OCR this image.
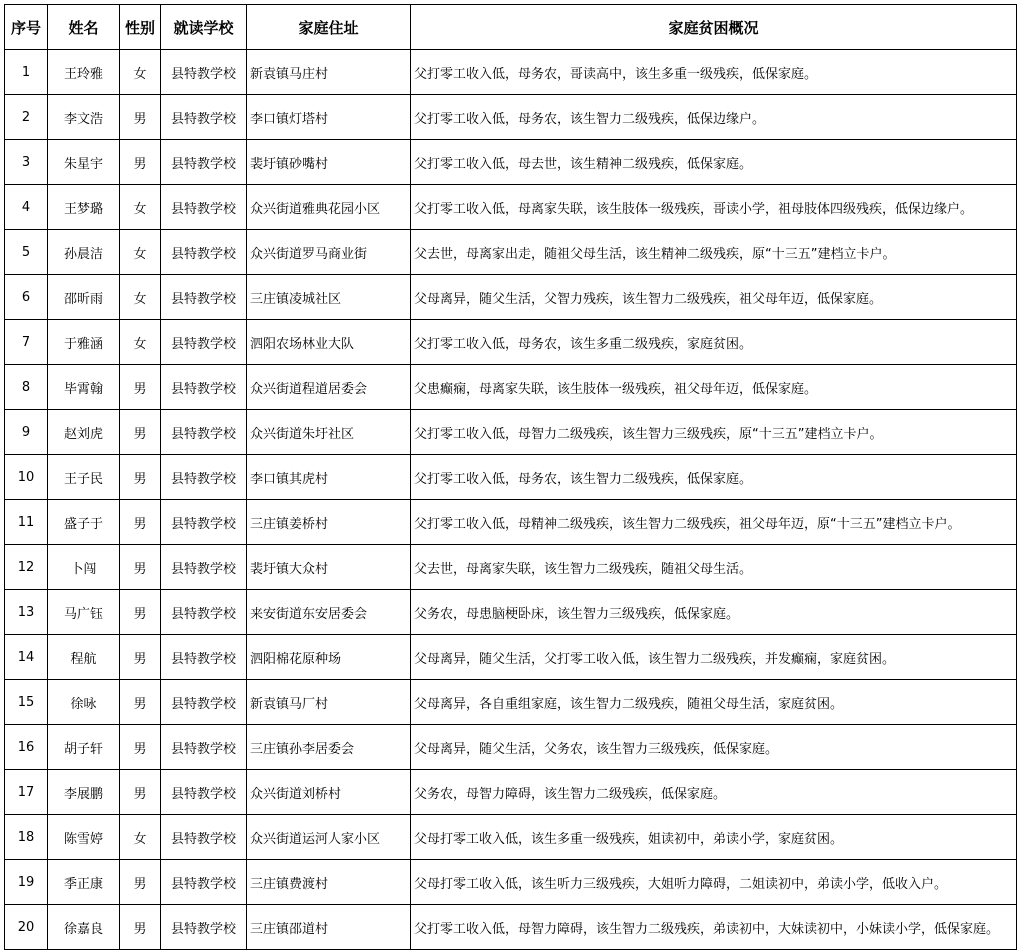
序号	姓名	性别	就读学校	家庭住址	家庭贫困概况
1	王玲雅	女	县特教学校	新袁镇马庄村	父打零工收入低，母务农，哥读高中，该生多重一级残疾，低保家庭。
2	李文浩	男	县特教学校	李口镇灯塔村	父打零工收入低，母务农，该生智力二级残疾，低保边缘户。
3	朱星宇	男	县特教学校	裴圩镇砂嘴村	父打零工收入低，母去世，该生精神二级残疾，低保家庭。
4	王梦璐	女	县特教学校	众兴街道雅典花园小区	父打零工收入低，母离家失联，该生肢体一级残疾，哥读小学，祖母肢体四级残疾，低保边缘户。
5	孙晨洁	女	县特教学校	众兴街道罗马商业街	父去世，母离家出走，随祖父母生活，该生精神二级残疾，原“十三五”建档立卡户。
6	邵昕雨	女	县特教学校	三庄镇凌城社区	父母离异，随父生活，父智力残疾，该生智力二级残疾，祖父母年迈，低保家庭。
7	于雅涵	女	县特教学校	泗阳农场林业大队	父打零工收入低，母务农，该生多重二级残疾，家庭贫困。
8	毕霄翰	男	县特教学校	众兴街道程道居委会	父患癫痫，母离家失联，该生肢体一级残疾，祖父母年迈，低保家庭。
9	赵刘虎	男	县特教学校	众兴街道朱圩社区	父打零工收入低，母智力二级残疾，该生智力三级残疾，原“十三五”建档立卡户。
10	王子民	男	县特教学校	李口镇其虎村	父打零工收入低，母务农，该生智力二级残疾，低保家庭。
11	盛子于	男	县特教学校	三庄镇姜桥村	父打零工收入低，母精神二级残疾，该生智力二级残疾，祖父母年迈，原“十三五”建档立卡户。
12	卜闯	男	县特教学校	裴圩镇大众村	父去世，母离家失联，该生智力二级残疾，随祖父母生活。
13	马广钰	男	县特教学校	来安街道东安居委会	父务农，母患脑梗卧床，该生智力三级残疾，低保家庭。
14	程航	男	县特教学校	泗阳棉花原种场	父母离异，随父生活，父打零工收入低，该生智力二级残疾，并发癫痫，家庭贫困。
15	徐咏	男	县特教学校	新袁镇马厂村	父母离异，各自重组家庭，该生智力二级残疾，随祖父母生活，家庭贫困。
16	胡子轩	男	县特教学校	三庄镇孙李居委会	父母离异，随父生活，父务农，该生智力三级残疾，低保家庭。
17	李展鹏	男	县特教学校	众兴街道刘桥村	父务农，母智力障碍，该生智力二级残疾，低保家庭。
18	陈雪婷	女	县特教学校	众兴街道运河人家小区	父母打零工收入低，该生多重一级残疾，姐读初中，弟读小学，家庭贫困。
19	季正康	男	县特教学校	三庄镇费渡村	父母打零工收入低，该生听力三级残疾，大姐听力障碍，二姐读初中，弟读小学，低收入户。
20	徐嘉良	男	县特教学校	三庄镇邵道村	父打零工收入低，母智力障碍，该生智力二级残疾，弟读初中，大妹读初中，小妹读小学，低保家庭。
